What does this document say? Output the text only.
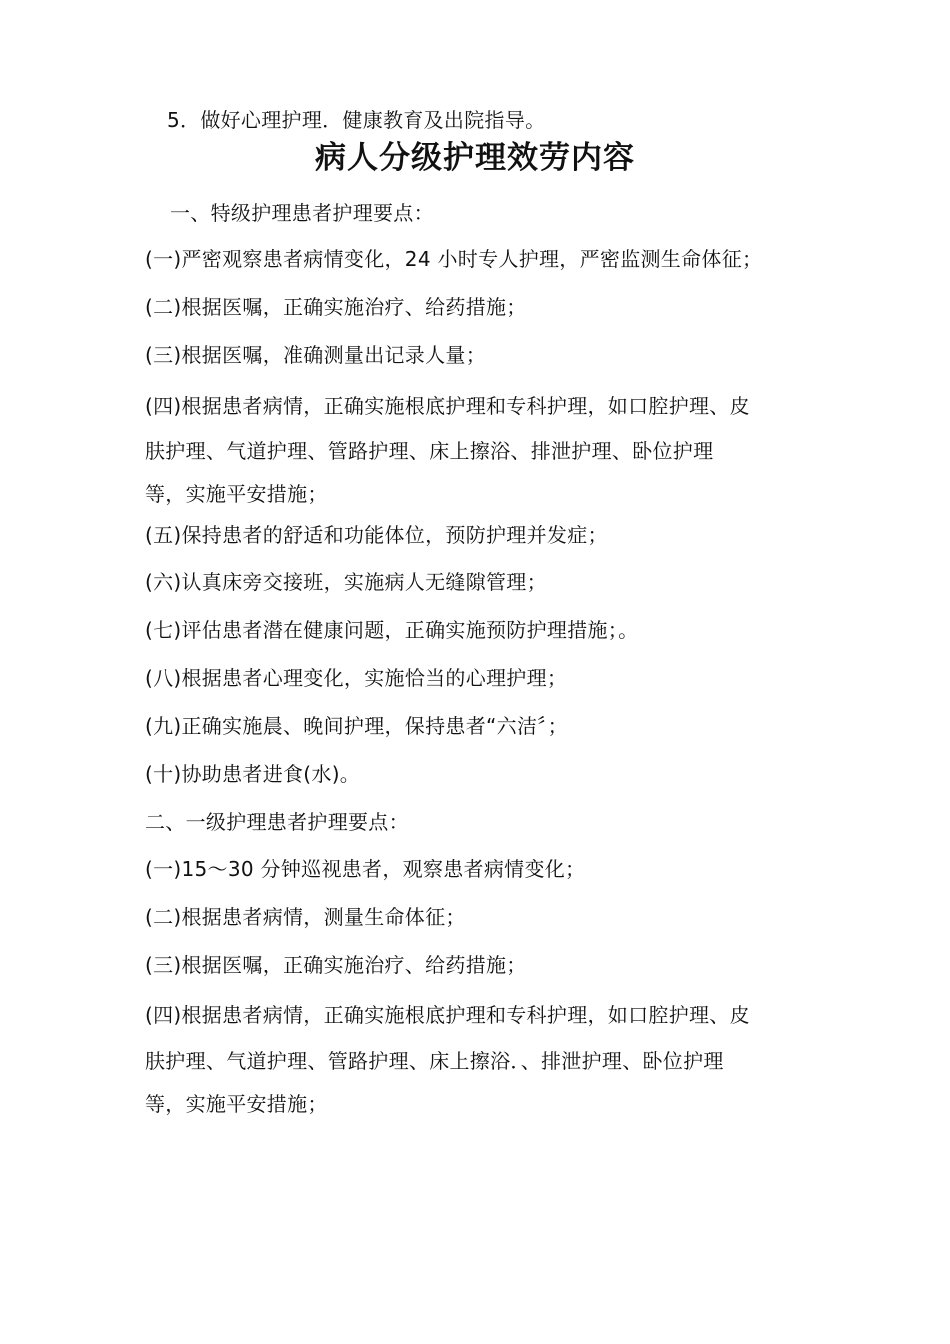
5．做好心理护理．健康教育及出院指导。
病人分级护理效劳内容
一、特级护理患者护理要点：
(一)严密观察患者病情变化，24 小时专人护理，严密监测生命体征；
(二)根据医嘱，正确实施治疗、给药措施；
(三)根据医嘱，准确测量出记录人量；
(四)根据患者病情，正确实施根底护理和专科护理，如口腔护理、皮
肤护理、气道护理、管路护理、床上擦浴、排泄护理、卧位护理
等，实施平安措施；
(五)保持患者的舒适和功能体位，预防护理并发症；
(六)认真床旁交接班，实施病人无缝隙管理；
(七)评估患者潜在健康问题，正确实施预防护理措施；。
(八)根据患者心理变化，实施恰当的心理护理；
(九)正确实施晨、晚间护理，保持患者“六洁〞；
(十)协助患者进食(水)。
二、一级护理患者护理要点：
(一)15～30 分钟巡视患者，观察患者病情变化；
(二)根据患者病情，测量生命体征；
(三)根据医嘱，正确实施治疗、给药措施；
(四)根据患者病情，正确实施根底护理和专科护理，如口腔护理、皮
肤护理、气道护理、管路护理、床上擦浴．、排泄护理、卧位护理
等，实施平安措施；
